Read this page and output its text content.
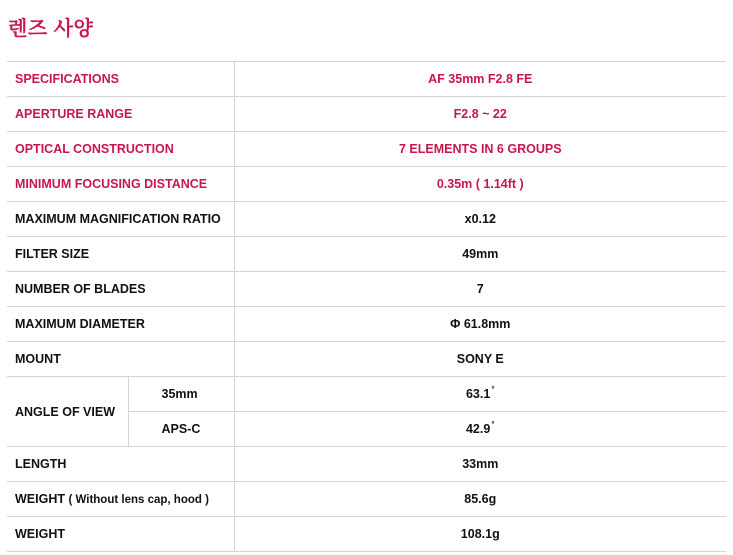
렌즈 사양
SPECIFICATIONS		AF 35mm F2.8 FE
APERTURE RANGE		F2.8 ~ 22
OPTICAL CONSTRUCTION		7 ELEMENTS IN 6 GROUPS
MINIMUM FOCUSING DISTANCE		0.35m ( 1.14ft )
MAXIMUM MAGNIFICATION RATIO		x0.12
FILTER SIZE		49mm
NUMBER OF BLADES		7
MAXIMUM DIAMETER		Φ 61.8mm
MOUNT		SONY E
ANGLE OF VIEW	35mm	63.1°
	APS-C	42.9°
LENGTH		33mm
WEIGHT ( Without lens cap, hood )		85.6g
WEIGHT		108.1g
